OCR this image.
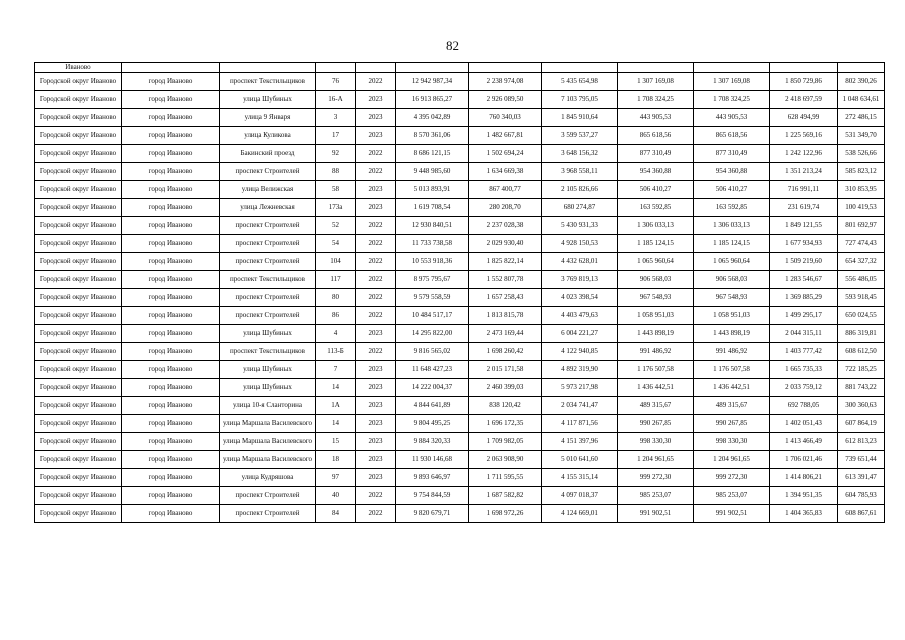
82
Иваново											
Городской округ Иваново	город Иваново	проспект Текстильщиков	76	2022	12 942 987,34	2 238 974,08	5 435 654,98	1 307 169,08	1 307 169,08	1 850 729,86	802 390,26
Городской округ Иваново	город Иваново	улица Шубиных	16-А	2023	16 913 865,27	2 926 089,50	7 103 795,05	1 708 324,25	1 708 324,25	2 418 697,59	1 048 634,61
Городской округ Иваново	город Иваново	улица 9 Января	3	2023	4 395 042,89	760 340,03	1 845 910,64	443 905,53	443 905,53	628 494,99	272 486,15
Городской округ Иваново	город Иваново	улица Куликова	17	2023	8 570 361,06	1 482 667,81	3 599 537,27	865 618,56	865 618,56	1 225 569,16	531 349,70
Городской округ Иваново	город Иваново	Бакинский проезд	92	2022	8 686 121,15	1 502 694,24	3 648 156,32	877 310,49	877 310,49	1 242 122,96	538 526,66
Городской округ Иваново	город Иваново	проспект Строителей	88	2022	9 448 985,60	1 634 669,38	3 968 558,11	954 360,88	954 360,88	1 351 213,24	585 823,12
Городской округ Иваново	город Иваново	улица Велижская	58	2023	5 013 893,91	867 400,77	2 105 826,66	506 410,27	506 410,27	716 991,11	310 853,95
Городской округ Иваново	город Иваново	улица Лежневская	173а	2023	1 619 708,54	280 208,70	680 274,87	163 592,85	163 592,85	231 619,74	100 419,53
Городской округ Иваново	город Иваново	проспект Строителей	52	2022	12 930 840,51	2 237 028,38	5 430 931,33	1 306 033,13	1 306 033,13	1 849 121,55	801 692,97
Городской округ Иваново	город Иваново	проспект Строителей	54	2022	11 733 738,58	2 029 930,40	4 928 150,53	1 185 124,15	1 185 124,15	1 677 934,93	727 474,43
Городской округ Иваново	город Иваново	проспект Строителей	104	2022	10 553 918,36	1 825 822,14	4 432 628,01	1 065 960,64	1 065 960,64	1 509 219,60	654 327,32
Городской округ Иваново	город Иваново	проспект Текстильщиков	117	2022	8 975 795,67	1 552 807,78	3 769 819,13	906 568,03	906 568,03	1 283 546,67	556 486,05
Городской округ Иваново	город Иваново	проспект Строителей	80	2022	9 579 558,59	1 657 258,43	4 023 398,54	967 548,93	967 548,93	1 369 885,29	593 918,45
Городской округ Иваново	город Иваново	проспект Строителей	86	2022	10 484 517,17	1 813 815,78	4 403 479,63	1 058 951,03	1 058 951,03	1 499 295,17	650 024,55
Городской округ Иваново	город Иваново	улица Шубиных	4	2023	14 295 822,00	2 473 169,44	6 004 221,27	1 443 898,19	1 443 898,19	2 044 315,11	886 319,81
Городской округ Иваново	город Иваново	проспект Текстильщиков	113-Б	2022	9 816 565,02	1 698 260,42	4 122 940,85	991 486,92	991 486,92	1 403 777,42	608 612,50
Городской округ Иваново	город Иваново	улица Шубиных	7	2023	11 648 427,23	2 015 171,58	4 892 319,90	1 176 507,58	1 176 507,58	1 665 735,33	722 185,25
Городской округ Иваново	город Иваново	улица Шубиных	14	2023	14 222 004,37	2 460 399,03	5 973 217,98	1 436 442,51	1 436 442,51	2 033 759,12	881 743,22
Городской округ Иваново	город Иваново	улица 10-я Сланторина	1А	2023	4 844 641,89	838 120,42	2 034 741,47	489 315,67	489 315,67	692 788,05	300 360,63
Городской округ Иваново	город Иваново	улица Маршала Василевского	14	2023	9 804 495,25	1 696 172,35	4 117 871,56	990 267,85	990 267,85	1 402 051,43	607 864,19
Городской округ Иваново	город Иваново	улица Маршала Василевского	15	2023	9 884 320,33	1 709 982,05	4 151 397,96	998 330,30	998 330,30	1 413 466,49	612 813,23
Городской округ Иваново	город Иваново	улица Маршала Василевского	18	2023	11 930 146,68	2 063 908,90	5 010 641,60	1 204 961,65	1 204 961,65	1 706 021,46	739 651,44
Городской округ Иваново	город Иваново	улица Кудряшова	97	2023	9 893 646,97	1 711 595,55	4 155 315,14	999 272,30	999 272,30	1 414 806,21	613 391,47
Городской округ Иваново	город Иваново	проспект Строителей	40	2022	9 754 844,59	1 687 582,82	4 097 018,37	985 253,07	985 253,07	1 394 951,35	604 785,93
Городской округ Иваново	город Иваново	проспект Строителей	84	2022	9 820 679,71	1 698 972,26	4 124 669,01	991 902,51	991 902,51	1 404 365,83	608 867,61
